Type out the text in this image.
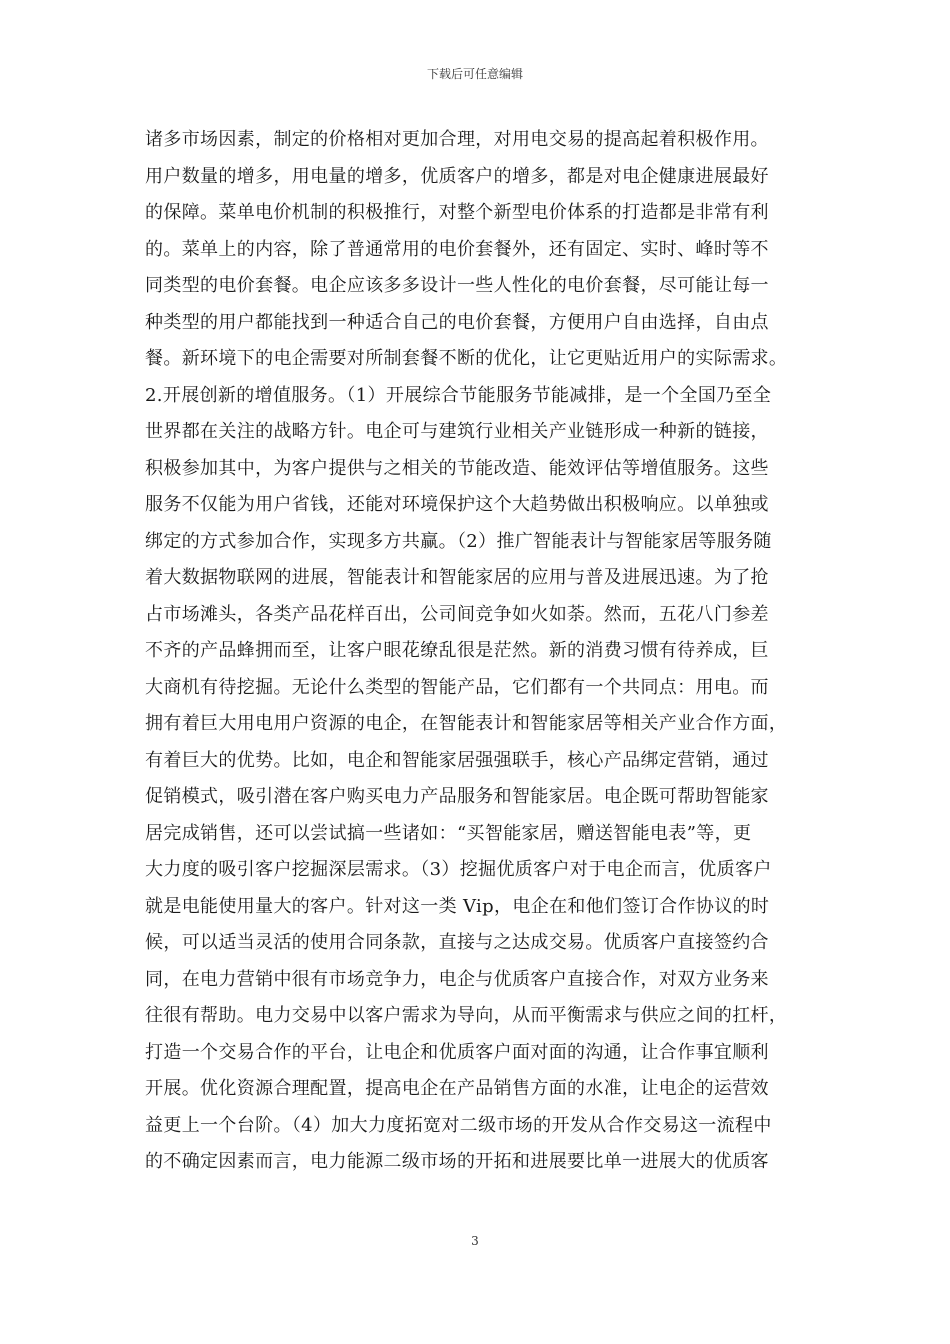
下载后可任意编辑
诸多市场因素，制定的价格相对更加合理，对用电交易的提高起着积极作用。
用户数量的增多，用电量的增多，优质客户的增多，都是对电企健康进展最好
的保障。菜单电价机制的积极推行，对整个新型电价体系的打造都是非常有利
的。菜单上的内容，除了普通常用的电价套餐外，还有固定、实时、峰时等不
同类型的电价套餐。电企应该多多设计一些人性化的电价套餐，尽可能让每一
种类型的用户都能找到一种适合自己的电价套餐，方便用户自由选择，自由点
餐。新环境下的电企需要对所制套餐不断的优化，让它更贴近用户的实际需求。
2.开展创新的增值服务。（1）开展综合节能服务节能减排，是一个全国乃至全
世界都在关注的战略方针。电企可与建筑行业相关产业链形成一种新的链接，
积极参加其中，为客户提供与之相关的节能改造、能效评估等增值服务。这些
服务不仅能为用户省钱，还能对环境保护这个大趋势做出积极响应。以单独或
绑定的方式参加合作，实现多方共赢。（2）推广智能表计与智能家居等服务随
着大数据物联网的进展，智能表计和智能家居的应用与普及进展迅速。为了抢
占市场滩头，各类产品花样百出，公司间竞争如火如荼。然而，五花八门参差
不齐的产品蜂拥而至，让客户眼花缭乱很是茫然。新的消费习惯有待养成，巨
大商机有待挖掘。无论什么类型的智能产品，它们都有一个共同点：用电。而
拥有着巨大用电用户资源的电企，在智能表计和智能家居等相关产业合作方面，
有着巨大的优势。比如，电企和智能家居强强联手，核心产品绑定营销，通过
促销模式，吸引潜在客户购买电力产品服务和智能家居。电企既可帮助智能家
居完成销售，还可以尝试搞一些诸如：“买智能家居，赠送智能电表”等，更
大力度的吸引客户挖掘深层需求。（3）挖掘优质客户对于电企而言，优质客户
就是电能使用量大的客户。针对这一类 Vip，电企在和他们签订合作协议的时
候，可以适当灵活的使用合同条款，直接与之达成交易。优质客户直接签约合
同，在电力营销中很有市场竞争力，电企与优质客户直接合作，对双方业务来
往很有帮助。电力交易中以客户需求为导向，从而平衡需求与供应之间的扛杆，
打造一个交易合作的平台，让电企和优质客户面对面的沟通，让合作事宜顺利
开展。优化资源合理配置，提高电企在产品销售方面的水准，让电企的运营效
益更上一个台阶。（4）加大力度拓宽对二级市场的开发从合作交易这一流程中
的不确定因素而言，电力能源二级市场的开拓和进展要比单一进展大的优质客
3
